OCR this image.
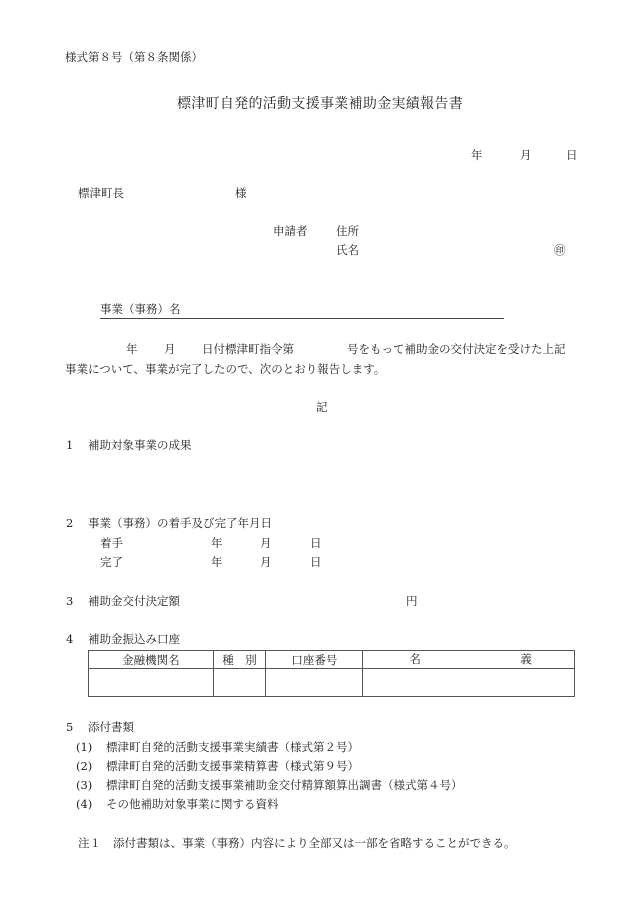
様式第８号（第８条関係）
標津町自発的活動支援事業補助金実績報告書
年	月	日
標津町長	様
申請者 住所
氏名	㊞
事業（事務）名
年 月 日付標津町指令第	号をもって補助金の交付決定を受けた上記
事業について、事業が完了したので、次のとおり報告します。
記
1 補助対象事業の成果
2 事業（事務）の着手及び完了年月日
着手	年	月	日
完了	年	月	日
3 補助金交付決定額	円
4 補助金振込み口座
金融機関名	種　別	口座番号	名 義

5 添付書類
(1) 標津町自発的活動支援事業実績書（様式第２号）
(2) 標津町自発的活動支援事業精算書（様式第９号）
(3) 標津町自発的活動支援事業補助金交付精算額算出調書（様式第４号）
(4) その他補助対象事業に関する資料
注１ 添付書類は、事業（事務）内容により全部又は一部を省略することができる。
